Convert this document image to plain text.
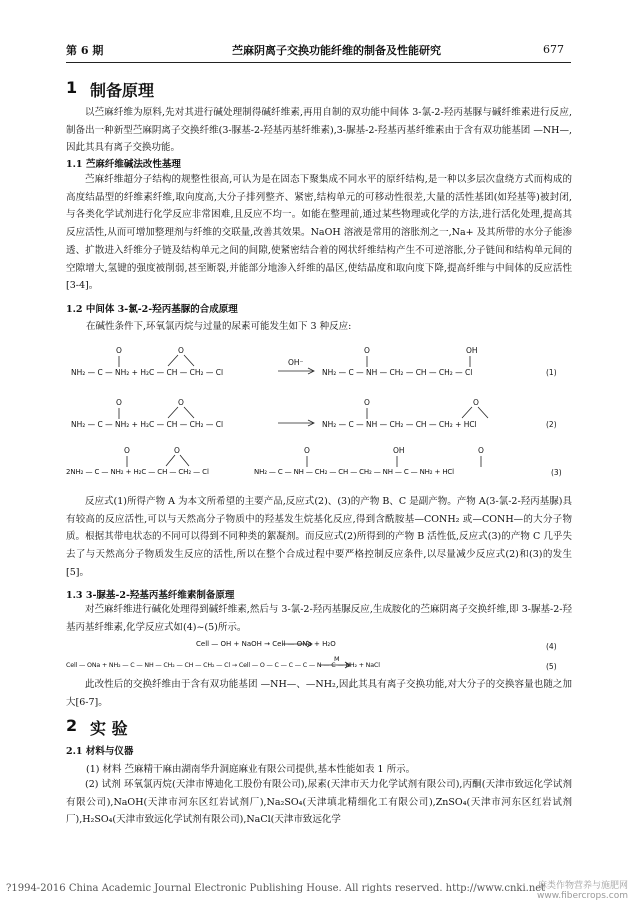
第 6 期	苎麻阴离子交换功能纤维的制备及性能研究	677
1 制备原理
以苎麻纤维为原料,先对其进行碱处理制得碱纤维素,再用自制的双功能中间体 3-氯-2-羟丙基脲与碱纤维素进行反应,制备出一种新型苎麻阴离子交换纤维(3-脲基-2-羟基丙基纤维素),3-脲基-2-羟基丙基纤维素由于含有双功能基团 —NH—,因此其具有离子交换功能。
1.1 苎麻纤维碱法改性基理
苎麻纤维超分子结构的规整性很高,可认为是在固态下聚集成不同水平的原纤结构,是一种以多层次盘绕方式而构成的高度结晶型的纤维素纤维,取向度高,大分子排列整齐、紧密,结构单元的可移动性很差,大量的活性基团(如羟基等)被封闭,与各类化学试剂进行化学反应非常困难,且反应不均一。如能在整理前,通过某些物理或化学的方法,进行活化处理,提高其反应活性,从而可增加整理剂与纤维的交联量,改善其效果。NaOH 溶液是常用的溶胀剂之一,Na+ 及其所带的水分子能渗透、扩散进入纤维分子链及结构单元之间的间隙,使紧密结合着的网状纤维结构产生不可逆溶胀,分子链间和结构单元间的空隙增大,氢键的强度被削弱,甚至断裂,并能部分地渗入纤维的晶区,使结晶度和取向度下降,提高纤维与中间体的反应活性[3-4]。
1.2 中间体 3-氯-2-羟丙基脲的合成原理
在碱性条件下,环氧氯丙烷与过量的尿素可能发生如下 3 种反应:
O	O	O	OH
NH₂ — C — NH₂ + H₂C — CH — CH₂ — Cl
OH⁻
NH₂ — C — NH — CH₂ — CH — CH₂ — Cl	(1)
O	O	O	O
NH₂ — C — NH₂ + H₂C — CH — CH₂ — Cl	NH₂ — C — NH — CH₂ — CH — CH₂ + HCl	(2)
O	O	O	OH	O
2NH₂ — C — NH₂ + H₂C — CH — CH₂ — Cl	NH₂ — C — NH — CH₂ — CH — CH₂ — NH — C — NH₂ + HCl	(3)
反应式(1)所得产物 A 为本文所希望的主要产品,反应式(2)、(3)的产物 B、C 是副产物。产物 A(3-氯-2-羟丙基脲)具有较高的反应活性,可以与天然高分子物质中的羟基发生烷基化反应,得到含酰胺基—CONH₂ 或—CONH—的大分子物质。根据其带电状态的不同可以得到不同种类的絮凝剂。而反应式(2)所得到的产物 B 活性低,反应式(3)的产物 C 几乎失去了与天然高分子物质发生反应的活性,所以在整个合成过程中要严格控制反应条件,以尽量减少反应式(2)和(3)的发生[5]。
1.3 3-脲基-2-羟基丙基纤维素制备原理
对苎麻纤维进行碱化处理得到碱纤维素,然后与 3-氯-2-羟丙基脲反应,生成胺化的苎麻阴离子交换纤维,即 3-脲基-2-羟基丙基纤维素,化学反应式如(4)~(5)所示。
Cell — OH + NaOH → Cell — ONa + H₂O	(4)
Cell — ONa + NH₂ — C — NH — CH₂ — CH — CH₂ — Cl → Cell — O — C — C — C — N — C — NH₂ + NaCl
M
(5)
此改性后的交换纤维由于含有双功能基团 —NH—、—NH₂,因此其具有离子交换功能,对大分子的交换容量也随之加大[6-7]。
2 实 验
2.1 材料与仪器
(1) 材料 苎麻精干麻由湖南华升洞庭麻业有限公司提供,基本性能如表 1 所示。
(2) 试剂 环氧氯丙烷(天津市博迪化工股份有限公司),尿素(天津市天力化学试剂有限公司),丙酮(天津市致远化学试剂有限公司),NaOH(天津市河东区红岩试剂厂),Na₂SO₄(天津填北精细化工有限公司),ZnSO₄(天津市河东区红岩试剂厂),H₂SO₄(天津市致远化学试剂有限公司),NaCl(天津市致远化学
?1994-2016 China Academic Journal Electronic Publishing House. All rights reserved. http://www.cnki.net
麻类作物营养与施肥网
www.fibercrops.com
